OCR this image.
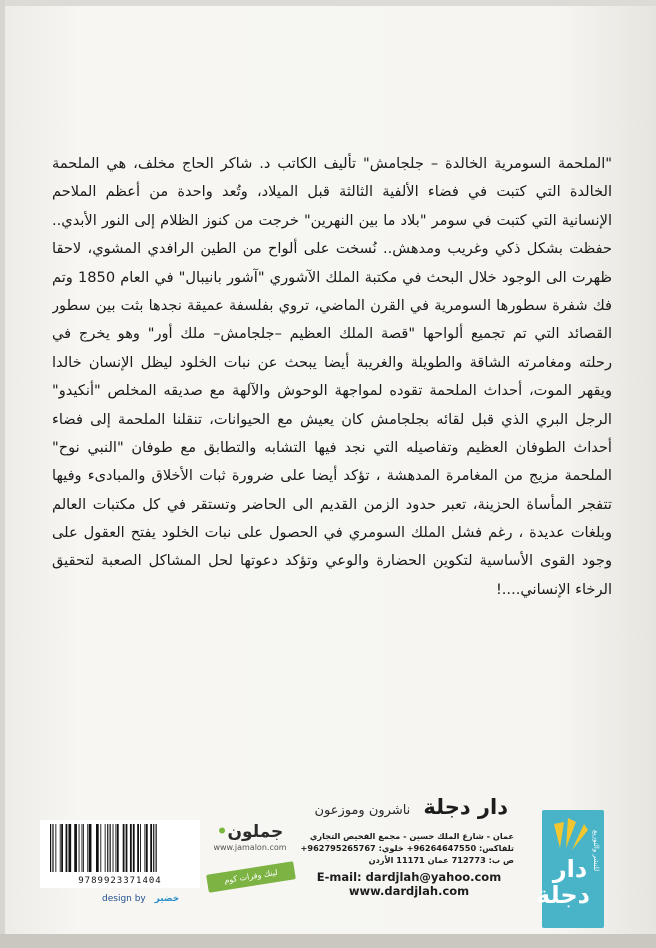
"الملحمة السومرية الخالدة – جلجامش" تأليف الكاتب د. شاكر الحاج مخلف، هي الملحمة
الخالدة التي كتبت في فضاء الألفية الثالثة قبل الميلاد، وتُعد واحدة من أعظم الملاحم
الإنسانية التي كتبت في سومر "بلاد ما بين النهرين" خرجت من كنوز الظلام إلى النور الأبدي..
حفظت بشكل ذكي وغريب ومدهش.. نُسخت على ألواح من الطين الرافدي المشوي، لاحقا
ظهرت الى الوجود خلال البحث في مكتبة الملك الآشوري "آشور بانيبال" في العام 1850 وتم
فك شفرة سطورها السومرية في القرن الماضي، تروي بفلسفة عميقة نجدها بثت بين سطور
القصائد التي تم تجميع ألواحها "قصة الملك العظيم –جلجامش– ملك أور" وهو يخرج في
رحلته ومغامرته الشاقة والطويلة والغريبة أيضا يبحث عن نبات الخلود ليظل الإنسان خالدا
ويقهر الموت، أحداث الملحمة تقوده لمواجهة الوحوش والآلهة مع صديقه المخلص "أنكيدو"
الرجل البري الذي قبل لقائه بجلجامش كان يعيش مع الحيوانات، تنقلنا الملحمة إلى فضاء
أحداث الطوفان العظيم وتفاصيله التي نجد فيها التشابه والتطابق مع طوفان "النبي نوح"
الملحمة مزيج من المغامرة المدهشة ، تؤكد أيضا على ضرورة ثبات الأخلاق والمبادىء وفيها
تتفجر المأساة الحزينة، تعبر حدود الزمن القديم الى الحاضر وتستقر في كل مكتبات العالم
وبلغات عديدة ، رغم فشل الملك السومري في الحصول على نبات الخلود يفتح العقول على
وجود القوى الأساسية لتكوين الحضارة والوعي وتؤكد دعوتها لحل المشاكل الصعبة لتحقيق
الرخاء الإنساني....!
دار دجلة ناشرون وموزعون
عمان - شارع الملك حسين - مجمع الفحيص التجاري
تلفاكس: 96264647550+ خلوي: 962795265767+
ص ب: 712773 عمان 11171 الأردن
E-mail: dardjlah@yahoo.com
www.dardjlah.com
دار دجلة
للنشر والتوزيع
جملون•
www.jamalon.com
لينك وفرات كوم
9789923371404
design by خضير
